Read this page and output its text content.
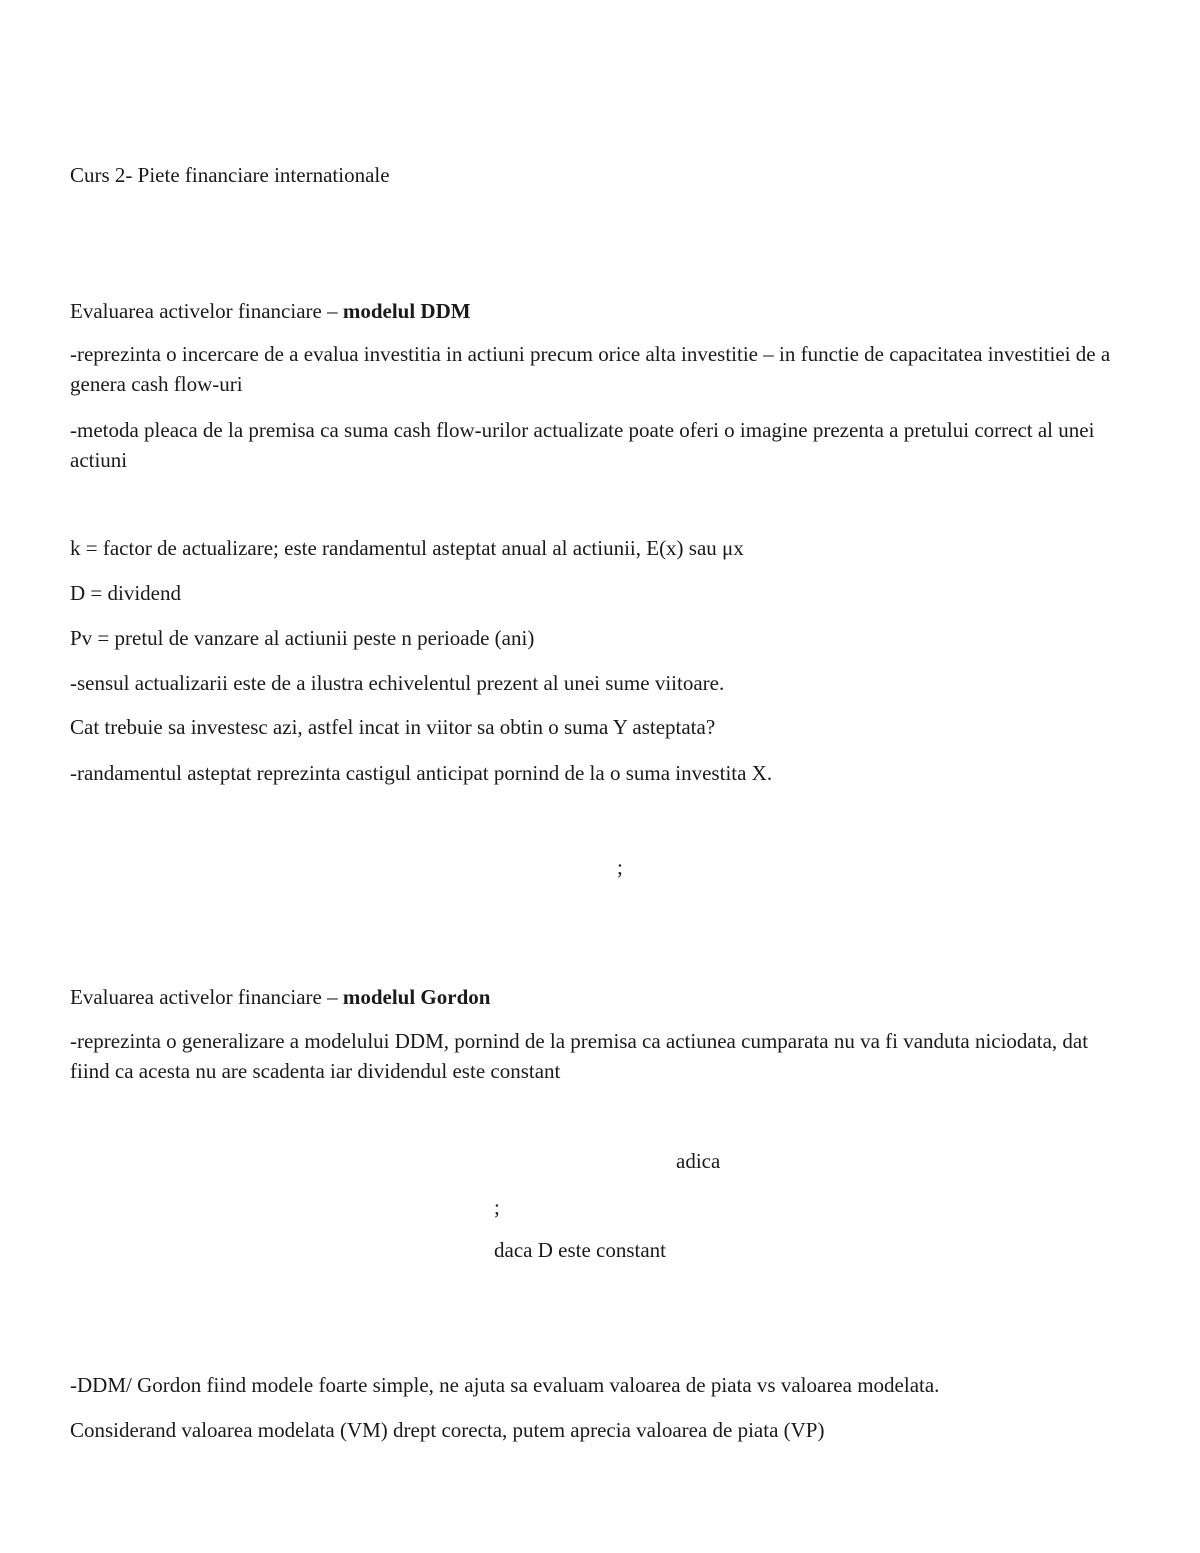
Curs 2- Piete financiare internationale
Evaluarea activelor financiare – modelul DDM
-reprezinta o incercare de a evalua investitia in actiuni precum orice alta investitie – in functie de capacitatea investitiei de a genera cash flow-uri
-metoda pleaca de la premisa ca suma cash flow-urilor actualizate poate oferi o imagine prezenta a pretului correct al unei actiuni
k = factor de actualizare; este randamentul asteptat anual al actiunii, E(x) sau μx
D = dividend
Pv = pretul de vanzare al actiunii peste n perioade (ani)
-sensul actualizarii este de a ilustra echivelentul prezent al unei sume viitoare.
Cat trebuie sa investesc azi, astfel incat in viitor sa obtin o suma Y asteptata?
-randamentul asteptat reprezinta castigul anticipat pornind de la o suma investita X.
;
Evaluarea activelor financiare – modelul Gordon
-reprezinta o generalizare a modelului DDM, pornind de la premisa ca actiunea cumparata nu va fi vanduta niciodata, dat fiind ca acesta nu are scadenta iar dividendul este constant
adica
;
daca D este constant
-DDM/ Gordon fiind modele foarte simple, ne ajuta sa evaluam valoarea de piata vs valoarea modelata.
Considerand valoarea modelata (VM) drept corecta, putem aprecia valoarea de piata (VP)
